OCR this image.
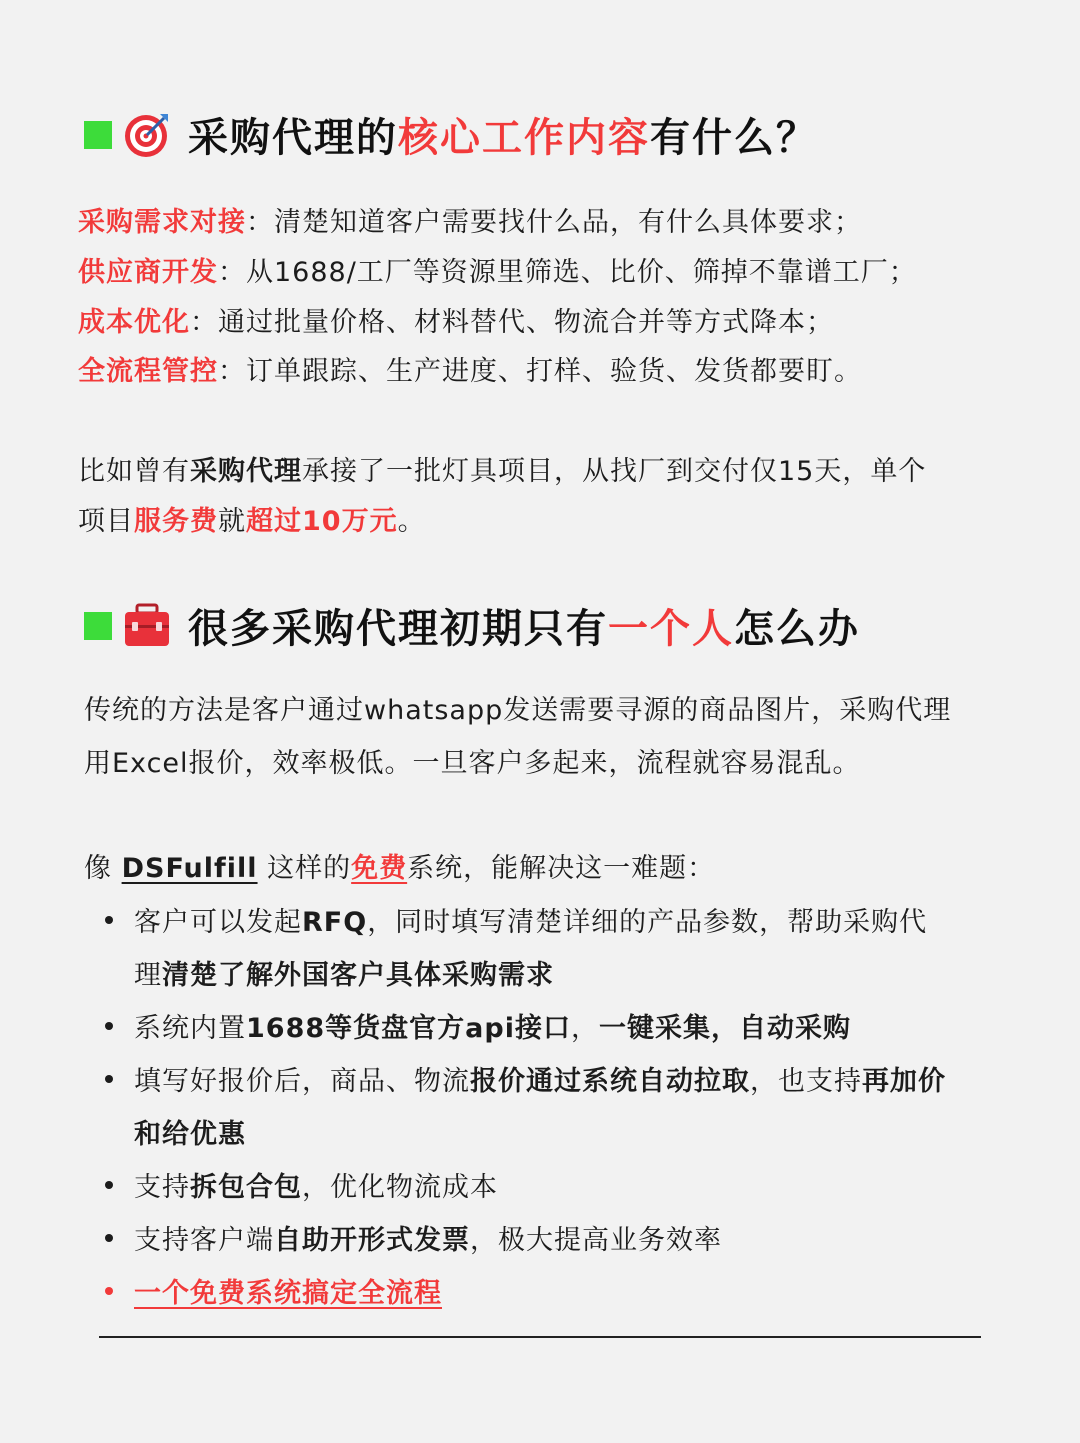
采购代理的 核心工作内容 有什么？
采购需求对接：清楚知道客户需要找什么品，有什么具体要求；
供应商开发：从1688/工厂等资源里筛选、比价、筛掉不靠谱工厂；
成本优化：通过批量价格、材料替代、物流合并等方式降本；
全流程管控：订单跟踪、生产进度、打样、验货、发货都要盯。
比如曾有采购代理承接了一批灯具项目，从找厂到交付仅15天，单个
项目服务费就超过10万元。
很多采购代理初期只有 一个人 怎么办
传统的方法是客户通过whatsapp发送需要寻源的商品图片，采购代理
用Excel报价，效率极低。一旦客户多起来，流程就容易混乱。
像 DSFulfill 这样的免费系统，能解决这一难题：
客户可以发起RFQ，同时填写清楚详细的产品参数，帮助采购代
理清楚了解外国客户具体采购需求
系统内置1688等货盘官方api接口，一键采集，自动采购
填写好报价后，商品、物流报价通过系统自动拉取，也支持再加价
和给优惠
支持拆包合包，优化物流成本
支持客户端自助开形式发票，极大提高业务效率
一个免费系统搞定全流程
